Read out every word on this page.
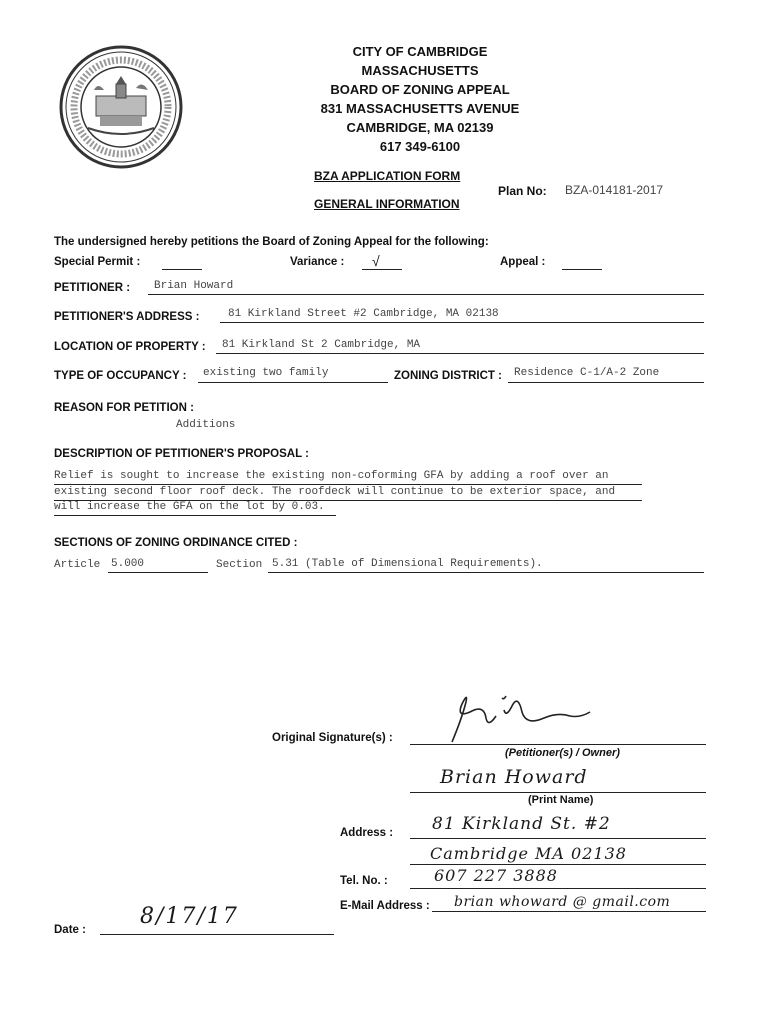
CITY OF CAMBRIDGE
MASSACHUSETTS
BOARD OF ZONING APPEAL
831 MASSACHUSETTS AVENUE
CAMBRIDGE, MA 02139
617 349-6100
BZA APPLICATION FORM
Plan No: BZA-014181-2017
GENERAL INFORMATION
The undersigned hereby petitions the Board of Zoning Appeal for the following:
Special Permit :	Variance : √	Appeal :
PETITIONER : Brian Howard
PETITIONER'S ADDRESS :	81 Kirkland Street #2 Cambridge, MA 02138
LOCATION OF PROPERTY : 81 Kirkland St 2 Cambridge, MA
TYPE OF OCCUPANCY : existing two family	ZONING DISTRICT : Residence C-1/A-2 Zone
REASON FOR PETITION :
Additions
DESCRIPTION OF PETITIONER'S PROPOSAL :
Relief is sought to increase the existing non-coforming GFA by adding a roof over an
existing second floor roof deck. The roofdeck will continue to be exterior space, and
will increase the GFA on the lot by 0.03.
SECTIONS OF ZONING ORDINANCE CITED :
Article 5.000	Section 5.31 (Table of Dimensional Requirements).
Original Signature(s) :
(Petitioner(s) / Owner)
Brian Howard
(Print Name)
Address : 81 Kirkland St. #2
Cambridge MA 02138
Tel. No. :	607 227 3888
E-Mail Address : brian whoward @ gmail.com
Date :
8/17/17
